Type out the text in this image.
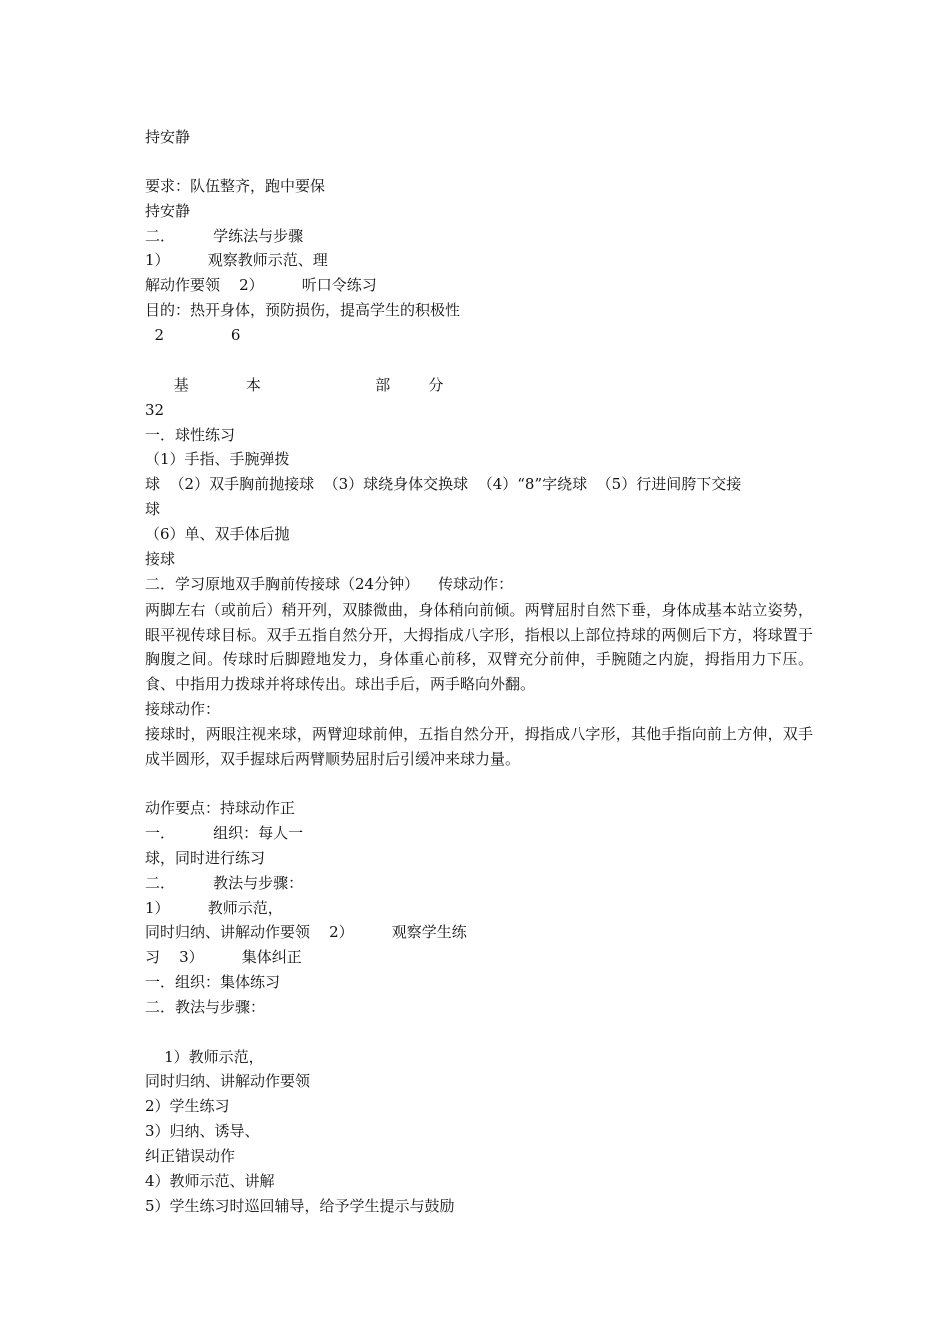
持安静
要求：队伍整齐，跑中要保
持安静
二．        学练法与步骤
1）        观察教师示范、理
解动作要领    2）        听口令练习
目的：热开身体，预防损伤，提高学生的积极性
2              6
基            本                        部        分
32
一．球性练习
（1）手指、手腕弹拨
球  （2）双手胸前抛接球  （3）球绕身体交换球  （4）“8”字绕球  （5）行进间胯下交接
球
（6）单、双手体后抛
接球
二．学习原地双手胸前传接球（24分钟）    传球动作：
两脚左右（或前后）稍开列，双膝微曲，身体稍向前倾。两臂屈肘自然下垂，身体成基本站立姿势，眼平视传球目标。双手五指自然分开，大拇指成八字形，指根以上部位持球的两侧后下方，将球置于胸腹之间。传球时后脚蹬地发力，身体重心前移，双臂充分前伸，手腕随之内旋，拇指用力下压。食、中指用力拨球并将球传出。球出手后，两手略向外翻。
接球动作：
接球时，两眼注视来球，两臂迎球前伸，五指自然分开，拇指成八字形，其他手指向前上方伸，双手成半圆形，双手握球后两臂顺势屈肘后引缓冲来球力量。
动作要点：持球动作正
一．        组织：每人一
球，同时进行练习
二．        教法与步骤：
1）        教师示范，
同时归纳、讲解动作要领    2）        观察学生练
习    3）        集体纠正
一．组织：集体练习
二．教法与步骤：
1）教师示范，
同时归纳、讲解动作要领
2）学生练习
3）归纳、诱导、
纠正错误动作
4）教师示范、讲解
5）学生练习时巡回辅导，给予学生提示与鼓励
